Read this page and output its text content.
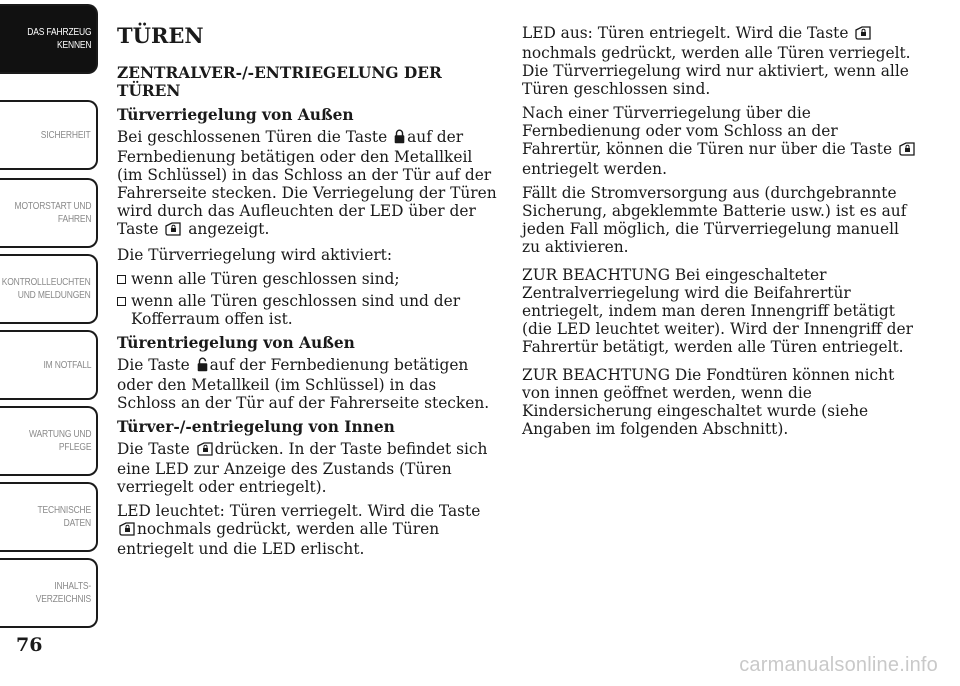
DAS FAHRZEUG
KENNEN
SICHERHEIT
MOTORSTART UND
FAHREN
KONTROLLLEUCHTEN
UND MELDUNGEN
IM NOTFALL
WARTUNG UND
PFLEGE
TECHNISCHE
DATEN
INHALTS-
VERZEICHNIS
76
TÜREN
ZENTRALVER-/-ENTRIEGELUNG DER TÜREN
Türverriegelung von Außen

Bei geschlossenen Türen die Taste auf der Fernbedienung betätigen oder den Metallkeil (im Schlüssel) in das Schloss an der Tür auf der Fahrerseite stecken. Die Verriegelung der Türen wird durch das Aufleuchten der LED über der Taste angezeigt.

Die Türverriegelung wird aktiviert:

wenn alle Türen geschlossen sind;
wenn alle Türen geschlossen sind und der Kofferraum offen ist.
Türentriegelung von Außen

Die Taste auf der Fernbedienung betätigen oder den Metallkeil (im Schlüssel) in das Schloss an der Tür auf der Fahrerseite stecken.

Türver-/-entriegelung von Innen

Die Taste drücken. In der Taste befindet sich eine LED zur Anzeige des Zustands (Türen verriegelt oder entriegelt).

LED leuchtet: Türen verriegelt. Wird die Taste nochmals gedrückt, werden alle Türen entriegelt und die LED erlischt.

LED aus: Türen entriegelt. Wird die Taste nochmals gedrückt, werden alle Türen verriegelt. Die Türverriegelung wird nur aktiviert, wenn alle Türen geschlossen sind.

Nach einer Türverriegelung über die Fernbedienung oder vom Schloss an der Fahrertür, können die Türen nur über die Taste entriegelt werden.

Fällt die Stromversorgung aus (durchgebrannte Sicherung, abgeklemmte Batterie usw.) ist es auf jeden Fall möglich, die Türverriegelung manuell zu aktivieren.

ZUR BEACHTUNG Bei eingeschalteter Zentralverriegelung wird die Beifahrertür entriegelt, indem man deren Innengriff betätigt (die LED leuchtet weiter). Wird der Innengriff der Fahrertür betätigt, werden alle Türen entriegelt.

ZUR BEACHTUNG Die Fondtüren können nicht von innen geöffnet werden, wenn die Kindersicherung eingeschaltet wurde (siehe Angaben im folgenden Abschnitt).

carmanualsonline.info
